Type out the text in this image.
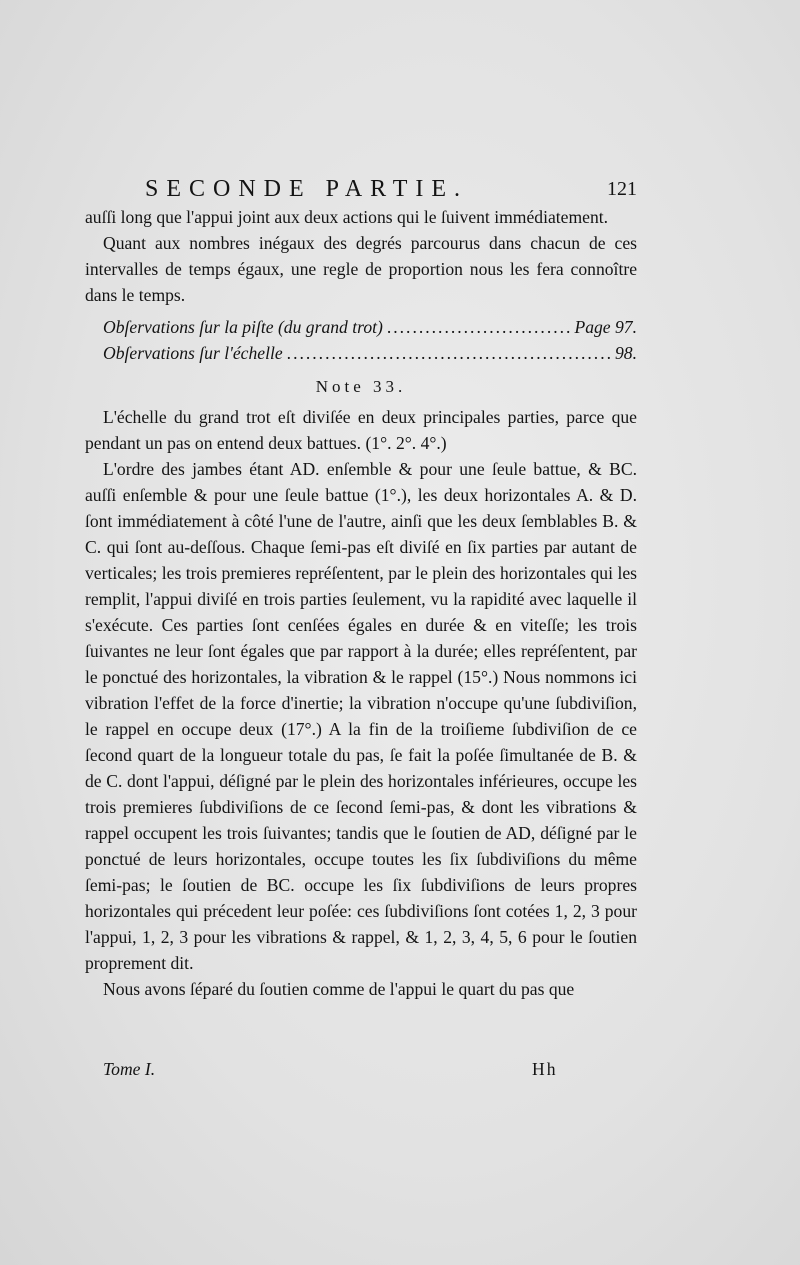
SECONDE PARTIE.	121

auſſi long que l'appui joint aux deux actions qui le ſuivent immédiatement.

Quant aux nombres inégaux des degrés parcourus dans chacun de ces intervalles de temps égaux, une regle de proportion nous les fera connoître dans le temps.

Obſervations ſur la piſte (du grand trot) .....	Page 97.
Obſervations ſur l'échelle .....	98.
Note 33.

L'échelle du grand trot eſt diviſée en deux principales parties, parce que pendant un pas on entend deux battues. (1°. 2°. 4°.)

L'ordre des jambes étant AD. enſemble & pour une ſeule battue, & BC. auſſi enſemble & pour une ſeule battue (1°.), les deux horizontales A. & D. ſont immédiatement à côté l'une de l'autre, ainſi que les deux ſemblables B. & C. qui ſont au-deſſous. Chaque ſemi-pas eſt diviſé en ſix parties par autant de verticales; les trois premieres repréſentent, par le plein des horizontales qui les remplit, l'appui diviſé en trois parties ſeulement, vu la rapidité avec laquelle il s'exécute. Ces parties ſont cenſées égales en durée & en viteſſe; les trois ſuivantes ne leur ſont égales que par rapport à la durée; elles repréſentent, par le ponctué des horizontales, la vibration & le rappel (15°.) Nous nommons ici vibration l'effet de la force d'inertie; la vibration n'occupe qu'une ſubdiviſion, le rappel en occupe deux (17°.) A la fin de la troiſieme ſubdiviſion de ce ſecond quart de la longueur totale du pas, ſe fait la poſée ſimultanée de B. & de C. dont l'appui, déſigné par le plein des horizontales inférieures, occupe les trois premieres ſubdiviſions de ce ſecond ſemi-pas, & dont les vibrations & rappel occupent les trois ſuivantes; tandis que le ſoutien de AD, déſigné par le ponctué de leurs horizontales, occupe toutes les ſix ſubdiviſions du même ſemi-pas; le ſoutien de BC. occupe les ſix ſubdiviſions de leurs propres horizontales qui précedent leur poſée: ces ſubdiviſions ſont cotées 1, 2, 3 pour l'appui, 1, 2, 3 pour les vibrations & rappel, & 1, 2, 3, 4, 5, 6 pour le ſoutien proprement dit.

Nous avons ſéparé du ſoutien comme de l'appui le quart du pas que

Tome I.	Hh
